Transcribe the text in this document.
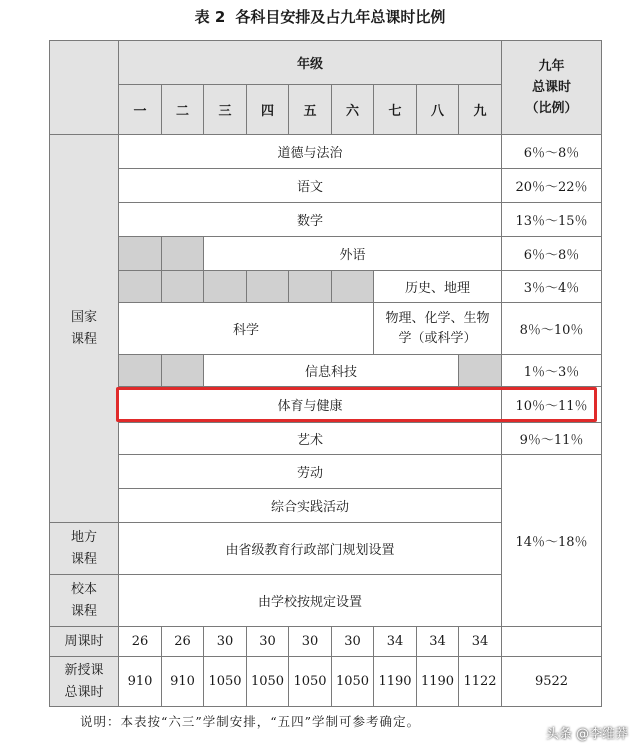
表 2 各科目安排及占九年总课时比例
	年级									九年
总课时
（比例）

	一	二	三	四	五	六	七	八	九	

国家
课程	道德与法治									6％～8％
	语文									20％～22％
	数学									13％～15％
			外语							6％～8％
							历史、地理			3％～4％
	科学						物理、化学、生物
学（或科学）			8％～10％
			信息科技							1％～3％
	体育与健康									10％～11％
	艺术									9％～11％
	劳动									14％～18％
	综合实践活动									

地方
课程	由省级教育行政部门规划设置									

校本
课程	由学校按规定设置									
周课时	26	26	30	30	30	30	34	34	34	

新授课
总课时	910	910	1050	1050	1050	1050	1190	1190	1122	9522
说明：本表按“六三”学制安排，“五四”学制可参考确定。
头条 @李维莽
